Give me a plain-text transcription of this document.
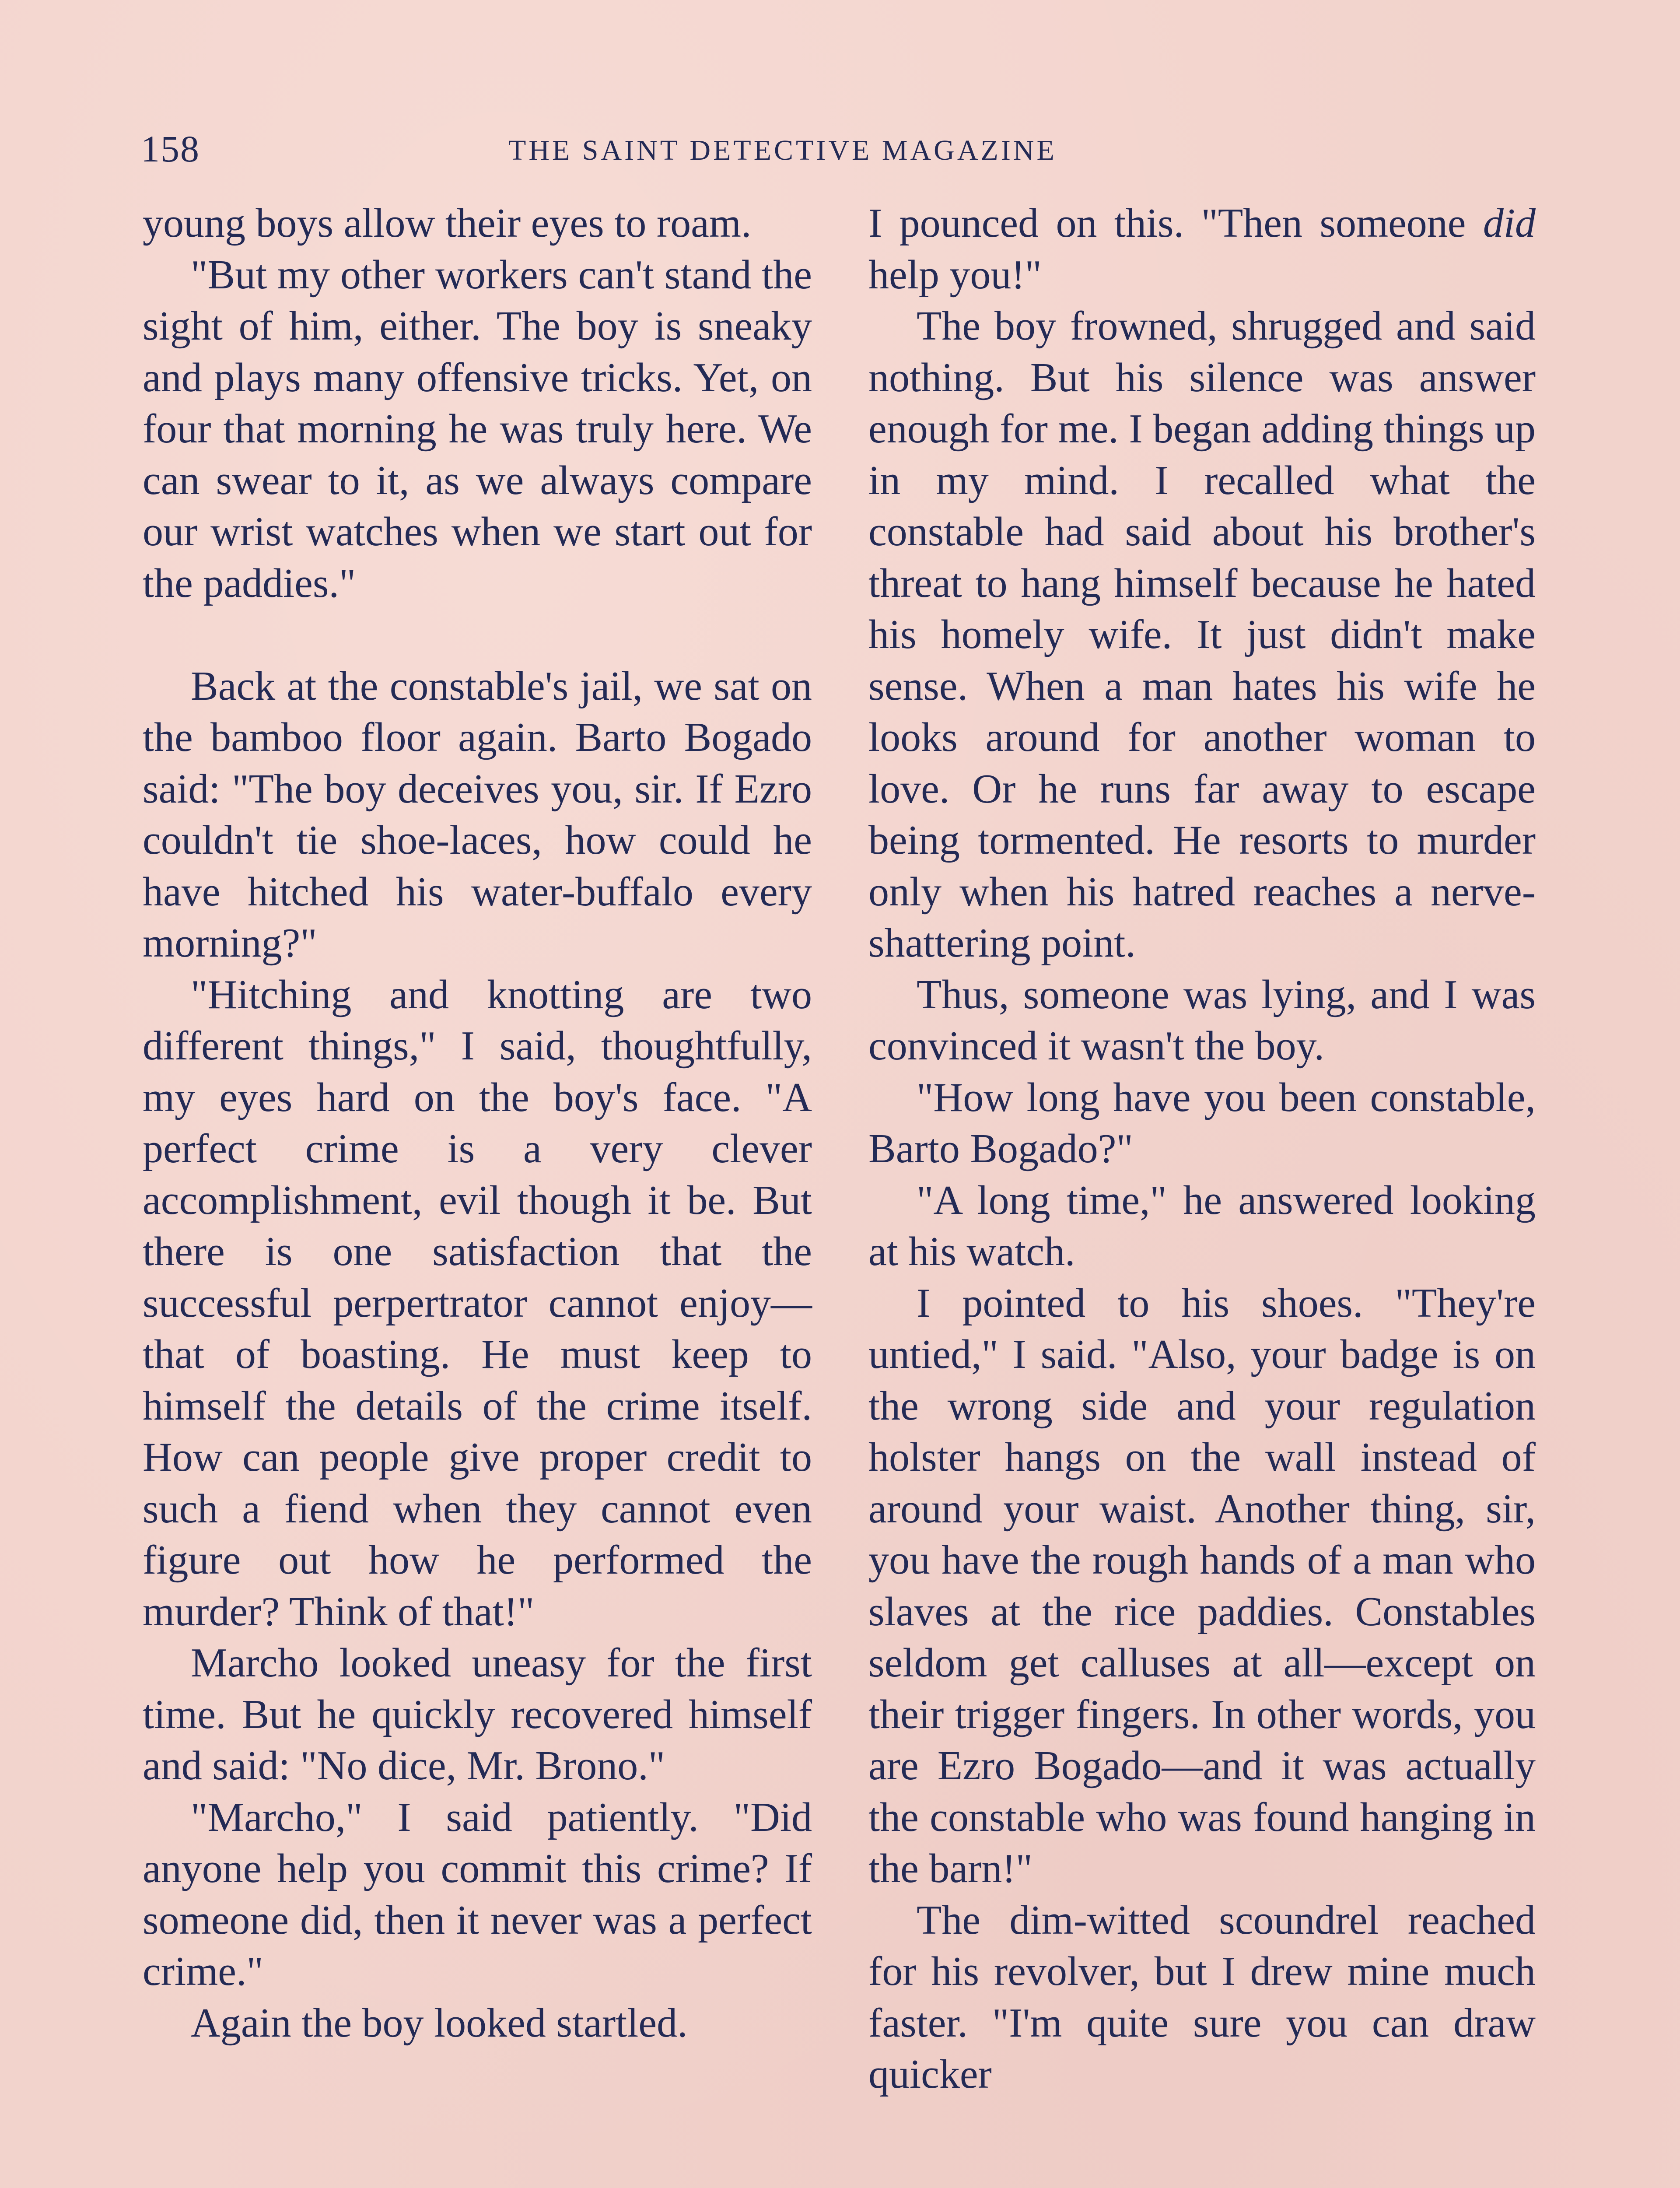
158	THE SAINT DETECTIVE MAGAZINE

young boys allow their eyes to roam.

"But my other workers can't stand the sight of him, either. The boy is sneaky and plays many offensive tricks. Yet, on four that morning he was truly here. We can swear to it, as we always compare our wrist watches when we start out for the paddies."

Back at the constable's jail, we sat on the bamboo floor again. Barto Bogado said: "The boy deceives you, sir. If Ezro couldn't tie shoe-laces, how could he have hitched his water-buffalo every morning?"

"Hitching and knotting are two different things," I said, thoughtfully, my eyes hard on the boy's face. "A perfect crime is a very clever accomplishment, evil though it be. But there is one satisfaction that the successful perpertrator cannot enjoy—that of boasting. He must keep to himself the details of the crime itself. How can people give proper credit to such a fiend when they cannot even figure out how he performed the murder? Think of that!"

Marcho looked uneasy for the first time. But he quickly recovered himself and said: "No dice, Mr. Brono."

"Marcho," I said patiently. "Did anyone help you commit this crime? If someone did, then it never was a perfect crime."

Again the boy looked startled.

I pounced on this. "Then someone did help you!"

The boy frowned, shrugged and said nothing. But his silence was answer enough for me. I began adding things up in my mind. I recalled what the constable had said about his brother's threat to hang himself because he hated his homely wife. It just didn't make sense. When a man hates his wife he looks around for another woman to love. Or he runs far away to escape being tormented. He resorts to murder only when his hatred reaches a nerve-shattering point.

Thus, someone was lying, and I was convinced it wasn't the boy.

"How long have you been constable, Barto Bogado?"

"A long time," he answered looking at his watch.

I pointed to his shoes. "They're untied," I said. "Also, your badge is on the wrong side and your regulation holster hangs on the wall instead of around your waist. Another thing, sir, you have the rough hands of a man who slaves at the rice paddies. Constables seldom get calluses at all—except on their trigger fingers. In other words, you are Ezro Bogado—and it was actually the constable who was found hanging in the barn!"

The dim-witted scoundrel reached for his revolver, but I drew mine much faster. "I'm quite sure you can draw quicker
